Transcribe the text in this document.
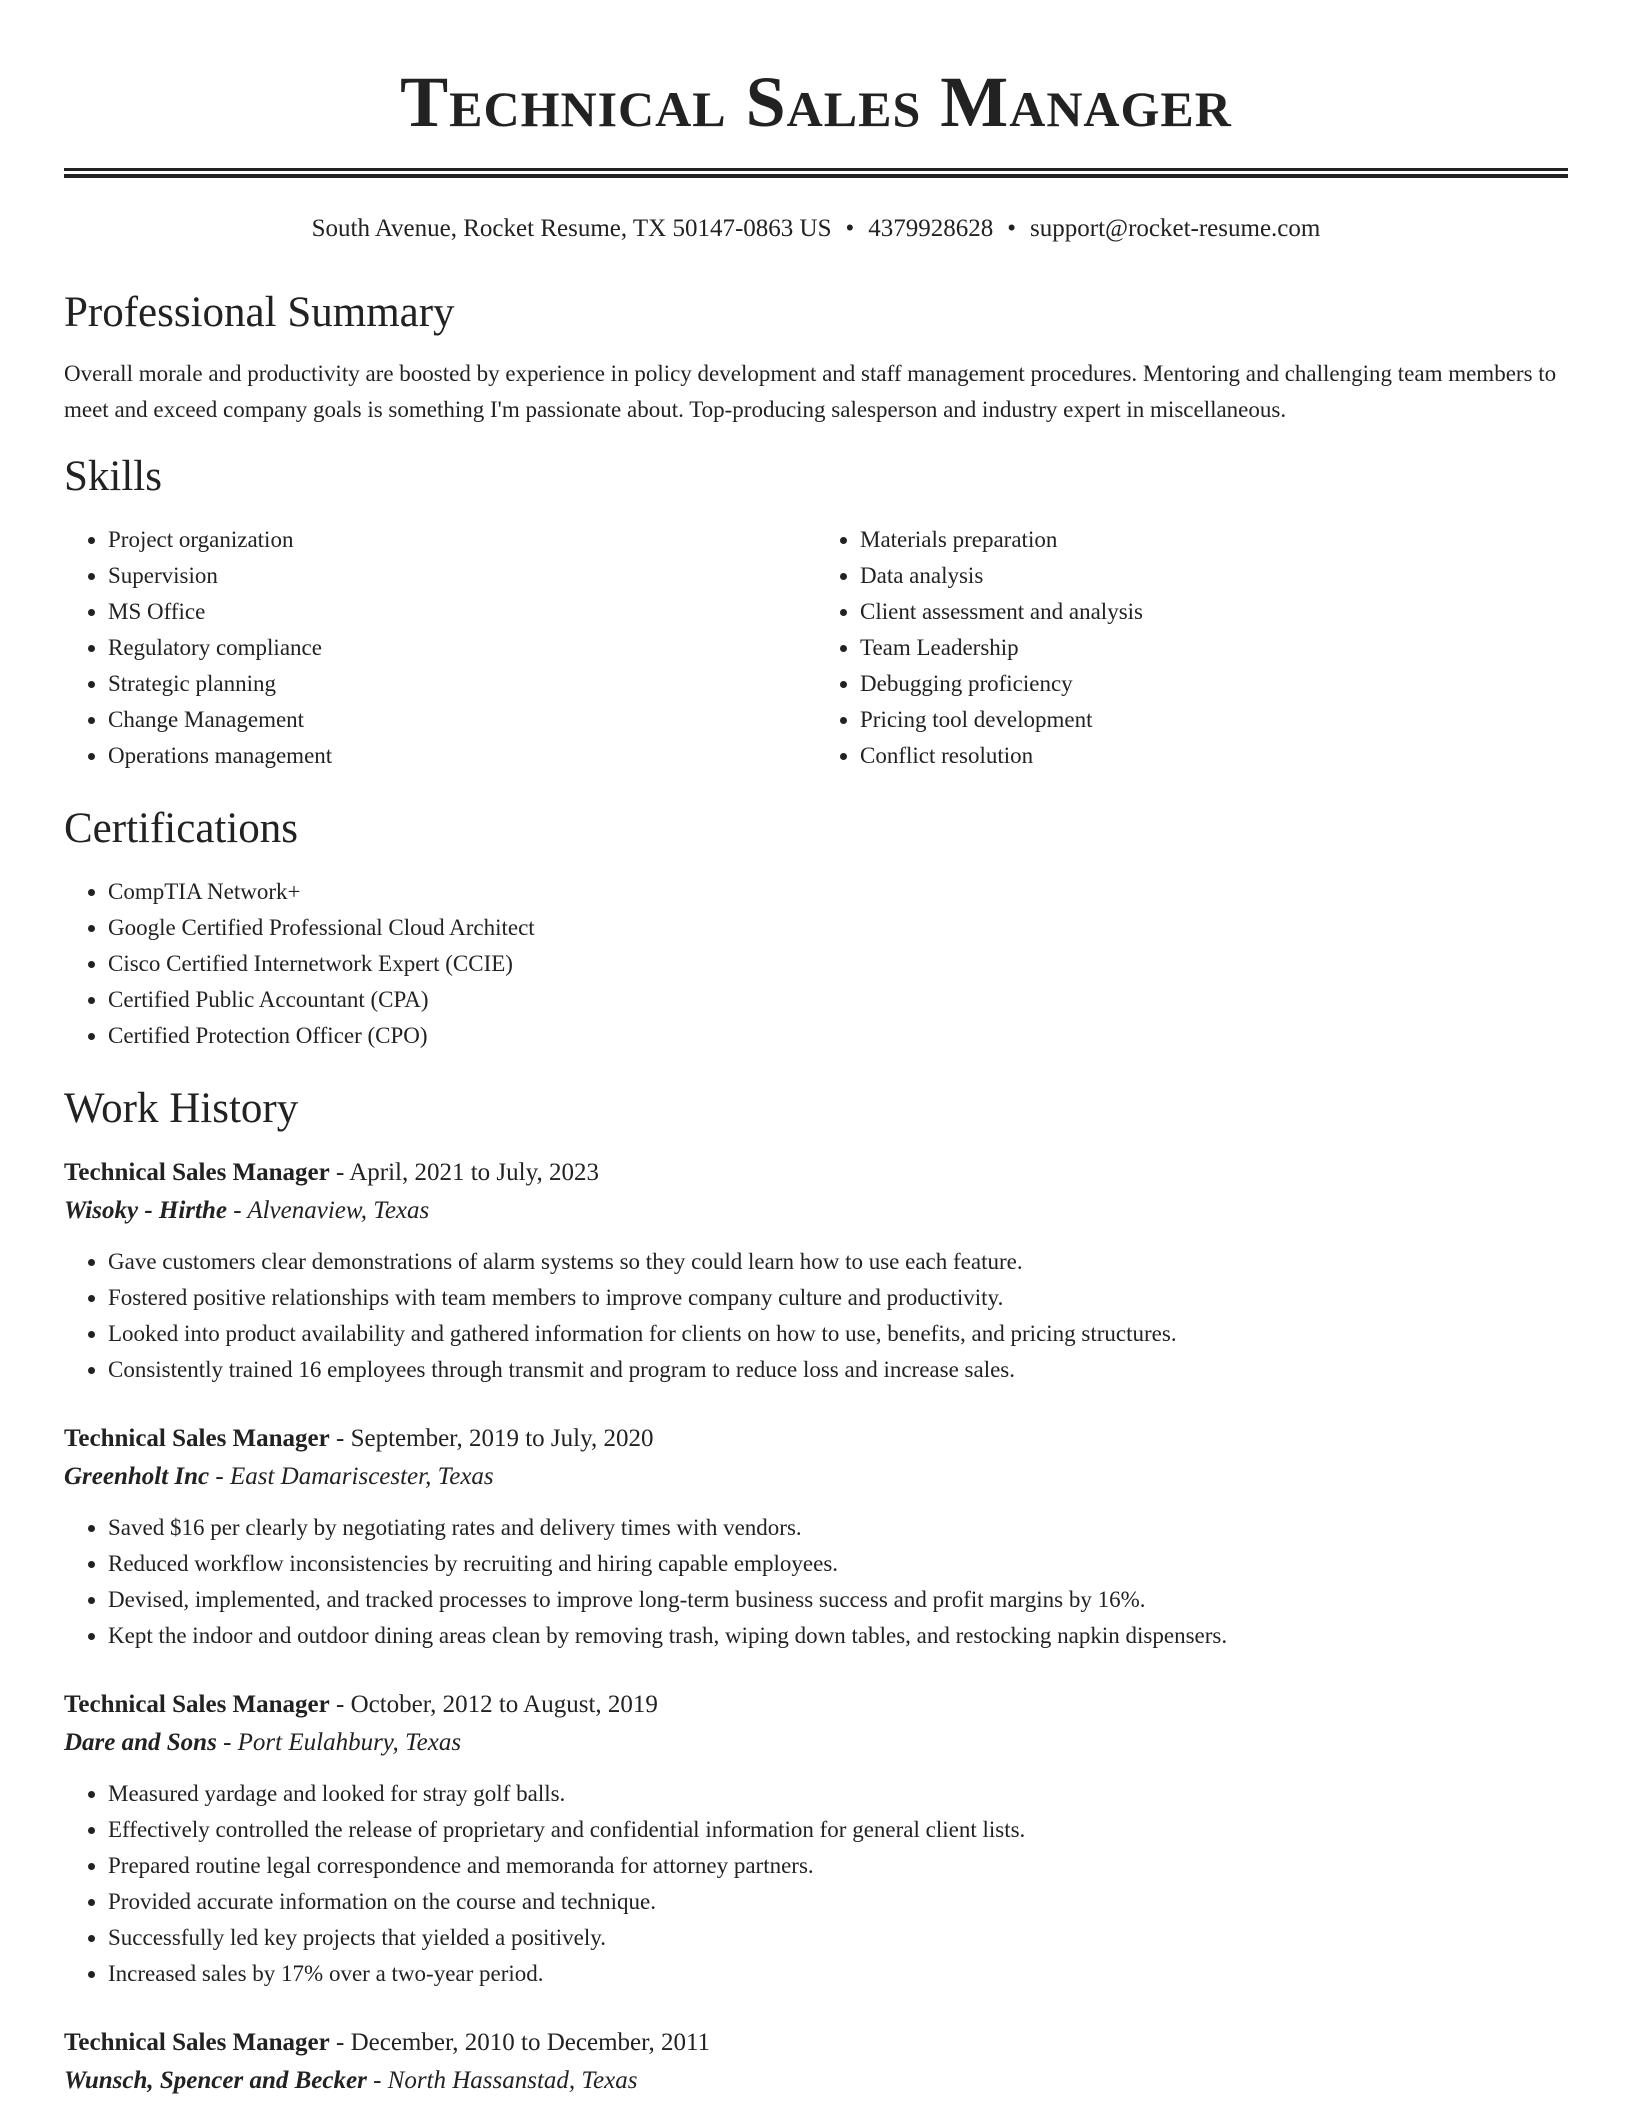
Technical Sales Manager
South Avenue, Rocket Resume, TX 50147-0863 US • 4379928628 • support@rocket-resume.com
Professional Summary

Overall morale and productivity are boosted by experience in policy development and staff management procedures. Mentoring and challenging team members to meet and exceed company goals is something I'm passionate about. Top-producing salesperson and industry expert in miscellaneous.

Skills
• Project organization
• Supervision
• MS Office
• Regulatory compliance
• Strategic planning
• Change Management
• Operations management
• Materials preparation
• Data analysis
• Client assessment and analysis
• Team Leadership
• Debugging proficiency
• Pricing tool development
• Conflict resolution
Certifications
• CompTIA Network+
• Google Certified Professional Cloud Architect
• Cisco Certified Internetwork Expert (CCIE)
• Certified Public Accountant (CPA)
• Certified Protection Officer (CPO)
Work History
Technical Sales Manager - April, 2021 to July, 2023
Wisoky - Hirthe - Alvenaview, Texas
• Gave customers clear demonstrations of alarm systems so they could learn how to use each feature.
• Fostered positive relationships with team members to improve company culture and productivity.
• Looked into product availability and gathered information for clients on how to use, benefits, and pricing structures.
• Consistently trained 16 employees through transmit and program to reduce loss and increase sales.
Technical Sales Manager - September, 2019 to July, 2020
Greenholt Inc - East Damariscester, Texas
• Saved $16 per clearly by negotiating rates and delivery times with vendors.
• Reduced workflow inconsistencies by recruiting and hiring capable employees.
• Devised, implemented, and tracked processes to improve long-term business success and profit margins by 16%.
• Kept the indoor and outdoor dining areas clean by removing trash, wiping down tables, and restocking napkin dispensers.
Technical Sales Manager - October, 2012 to August, 2019
Dare and Sons - Port Eulahbury, Texas
• Measured yardage and looked for stray golf balls.
• Effectively controlled the release of proprietary and confidential information for general client lists.
• Prepared routine legal correspondence and memoranda for attorney partners.
• Provided accurate information on the course and technique.
• Successfully led key projects that yielded a positively.
• Increased sales by 17% over a two-year period.
Technical Sales Manager - December, 2010 to December, 2011
Wunsch, Spencer and Becker - North Hassanstad, Texas
